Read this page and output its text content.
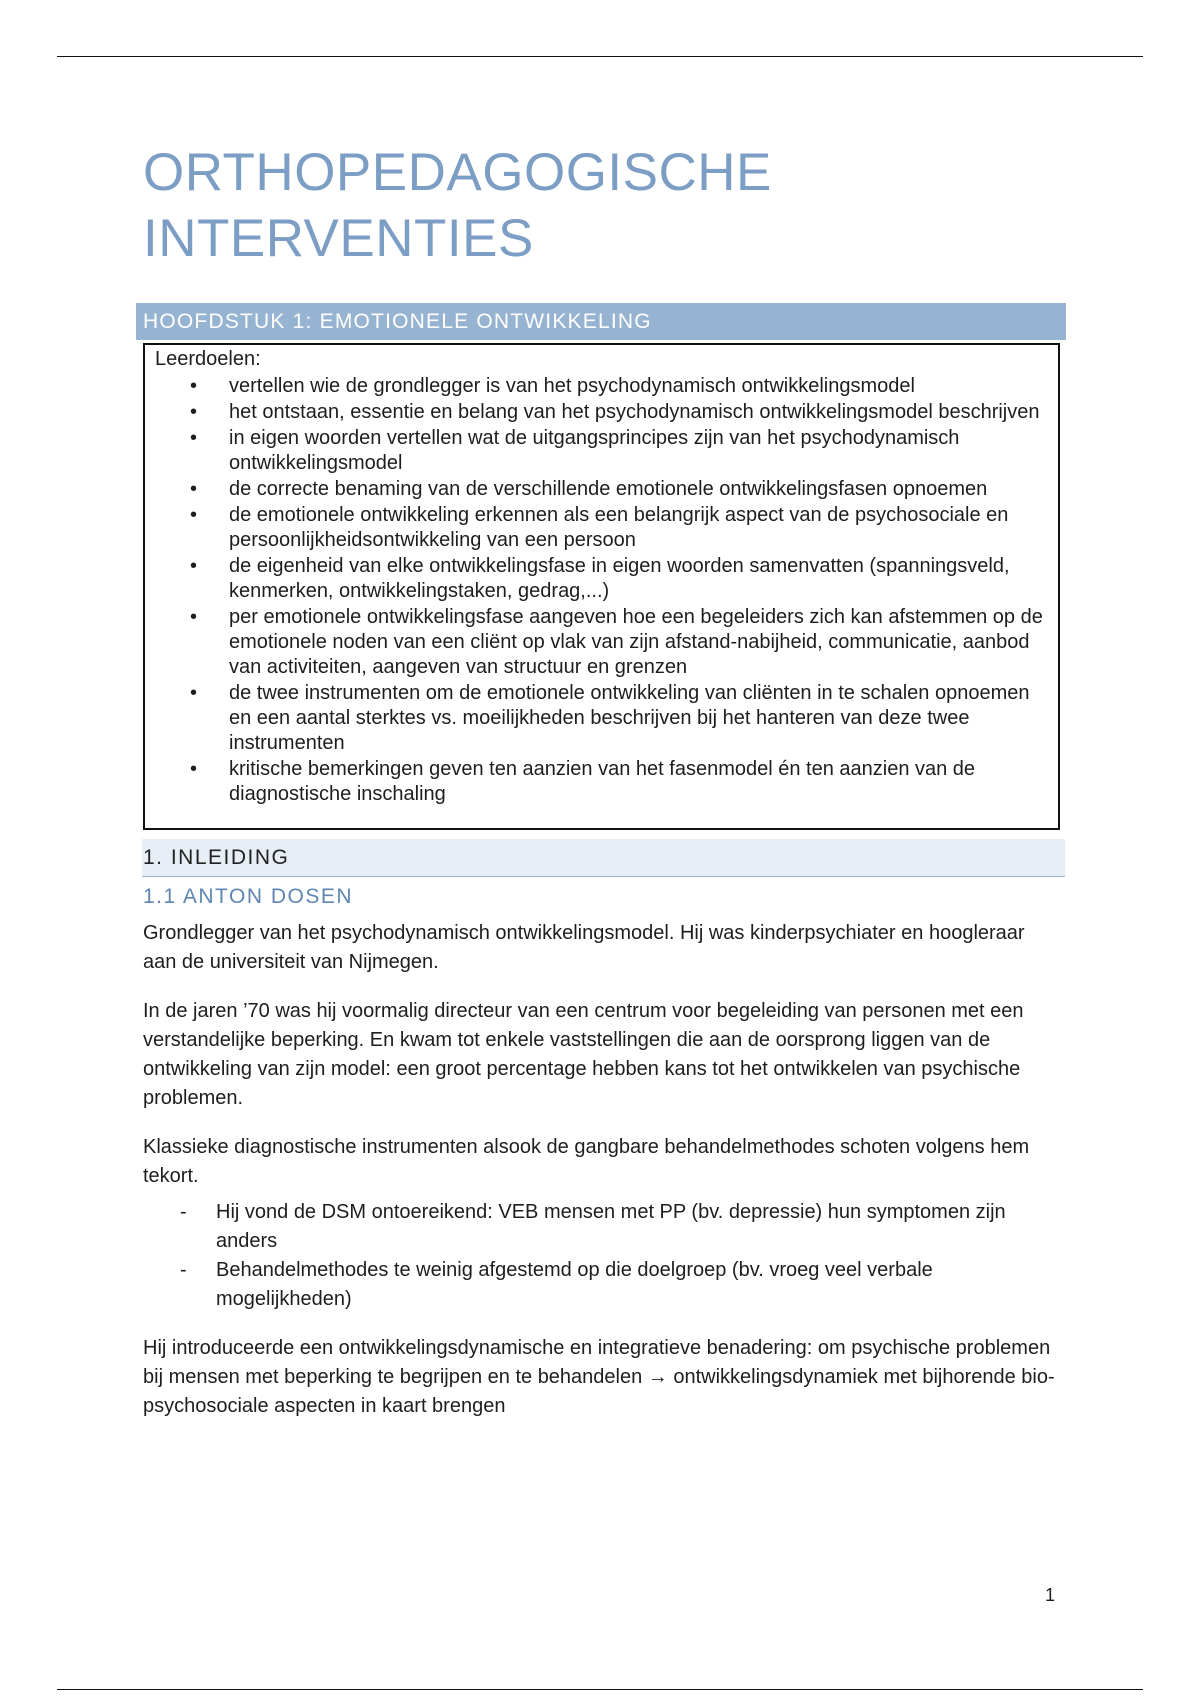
ORTHOPEDAGOGISCHE
INTERVENTIES
HOOFDSTUK 1: EMOTIONELE ONTWIKKELING
Leerdoelen:
• vertellen wie de grondlegger is van het psychodynamisch ontwikkelingsmodel
• het ontstaan, essentie en belang van het psychodynamisch ontwikkelingsmodel beschrijven
• in eigen woorden vertellen wat de uitgangsprincipes zijn van het psychodynamisch ontwikkelingsmodel
• de correcte benaming van de verschillende emotionele ontwikkelingsfasen opnoemen
• de emotionele ontwikkeling erkennen als een belangrijk aspect van de psychosociale en persoonlijkheidsontwikkeling van een persoon
• de eigenheid van elke ontwikkelingsfase in eigen woorden samenvatten (spanningsveld, kenmerken, ontwikkelingstaken, gedrag,...)
• per emotionele ontwikkelingsfase aangeven hoe een begeleiders zich kan afstemmen op de emotionele noden van een cliënt op vlak van zijn afstand-nabijheid, communicatie, aanbod van activiteiten, aangeven van structuur en grenzen
• de twee instrumenten om de emotionele ontwikkeling van cliënten in te schalen opnoemen en een aantal sterktes vs. moeilijkheden beschrijven bij het hanteren van deze twee instrumenten
• kritische bemerkingen geven ten aanzien van het fasenmodel én ten aanzien van de diagnostische inschaling
1. INLEIDING
1.1 ANTON DOSEN

Grondlegger van het psychodynamisch ontwikkelingsmodel. Hij was kinderpsychiater en hoogleraar aan de universiteit van Nijmegen.

In de jaren ’70 was hij voormalig directeur van een centrum voor begeleiding van personen met een verstandelijke beperking. En kwam tot enkele vaststellingen die aan de oorsprong liggen van de ontwikkeling van zijn model: een groot percentage hebben kans tot het ontwikkelen van psychische problemen.

Klassieke diagnostische instrumenten alsook de gangbare behandelmethodes schoten volgens hem tekort.

- Hij vond de DSM ontoereikend: VEB mensen met PP (bv. depressie) hun symptomen zijn anders
- Behandelmethodes te weinig afgestemd op die doelgroep (bv. vroeg veel verbale mogelijkheden)

Hij introduceerde een ontwikkelingsdynamische en integratieve benadering: om psychische problemen bij mensen met beperking te begrijpen en te behandelen → ontwikkelingsdynamiek met bijhorende bio-psychosociale aspecten in kaart brengen

1
